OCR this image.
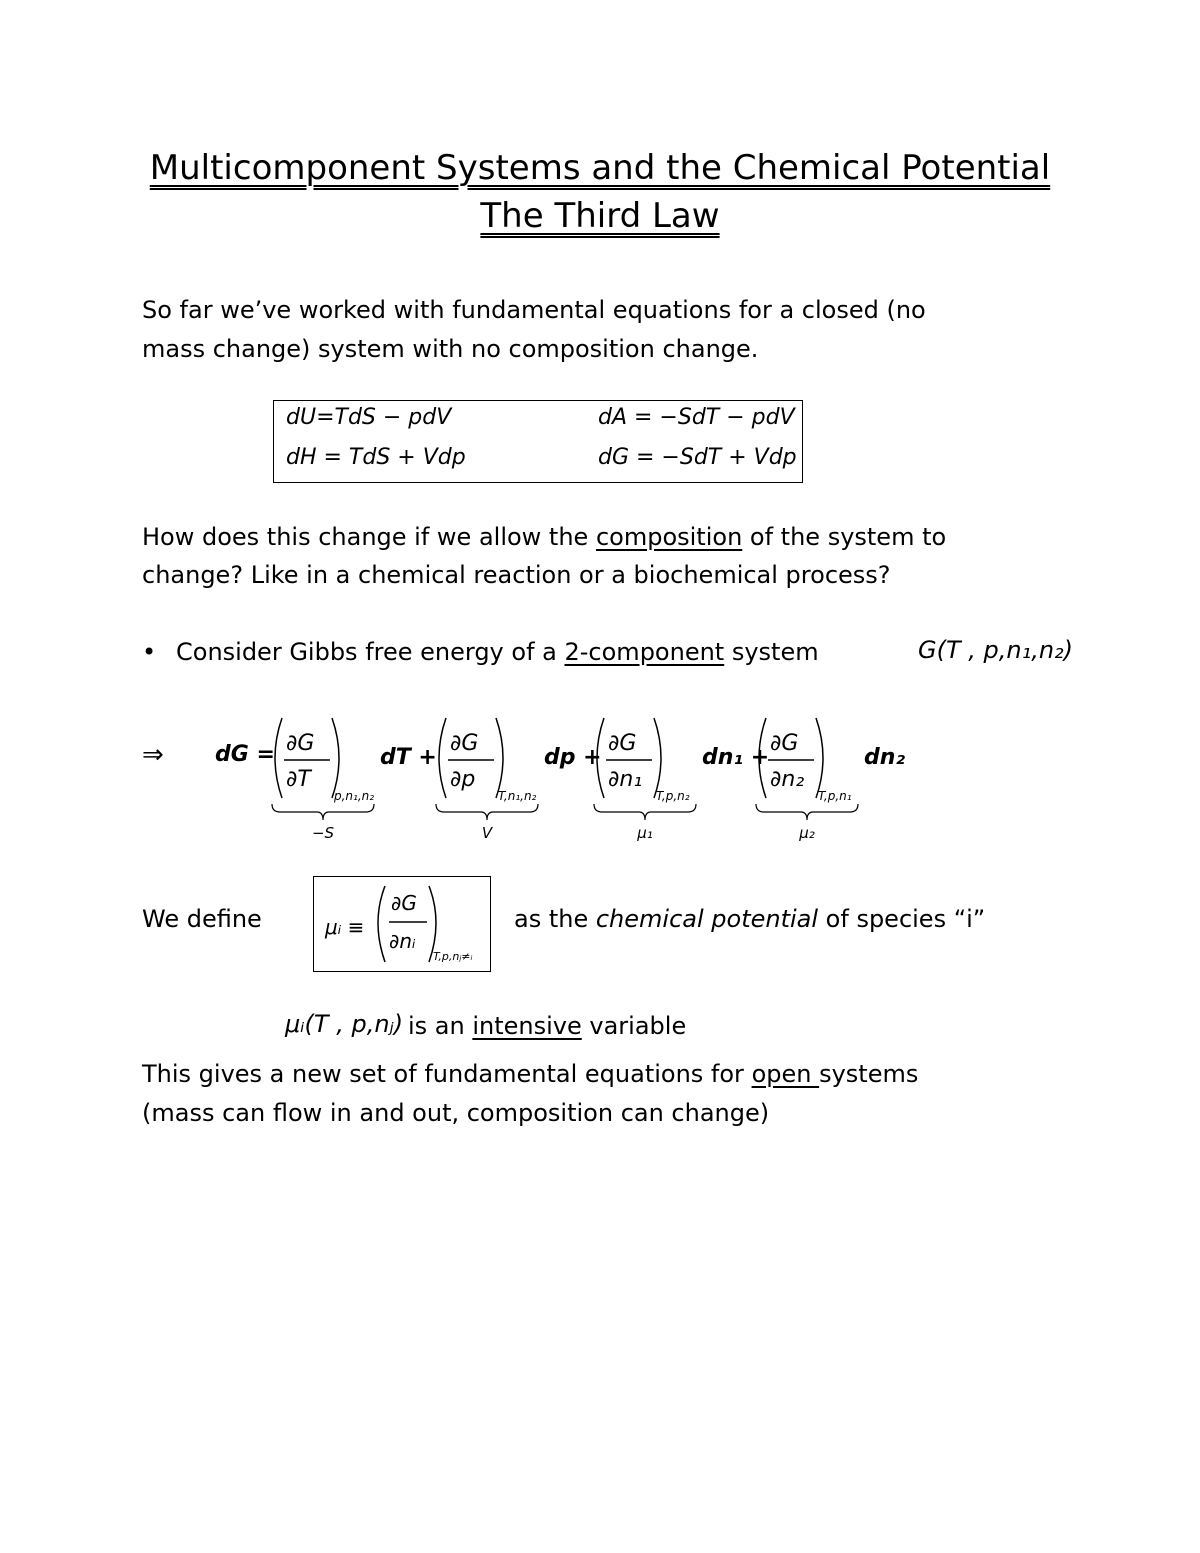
Multicomponent Systems and the Chemical Potential
The Third Law
So far we’ve worked with fundamental equations for a closed (no
mass change) system with no composition change.
dU=TdS − pdV
dH = TdS + Vdp
dA = −SdT − pdV
dG = −SdT + Vdp
How does this change if we allow the composition of the system to
change? Like in a chemical reaction or a biochemical process?
• Consider Gibbs free energy of a 2-component system	G(T , p,n₁,n₂)
⇒ dG = ∂G
∂T
p,n₁,n₂
dT +
−S
∂G
∂p
T,n₁,n₂
dp +
V
∂G
∂n₁
T,p,n₂
dn₁ +
μ₁
∂G
∂n₂
T,p,n₁
dn₂
μ₂
We define	μᵢ ≡
∂G
∂nᵢ
T,p,nⱼ≠ᵢ
as the chemical potential of species “i”
μᵢ(T , p,nⱼ) is an intensive variable
This gives a new set of fundamental equations for open systems
(mass can flow in and out, composition can change)
